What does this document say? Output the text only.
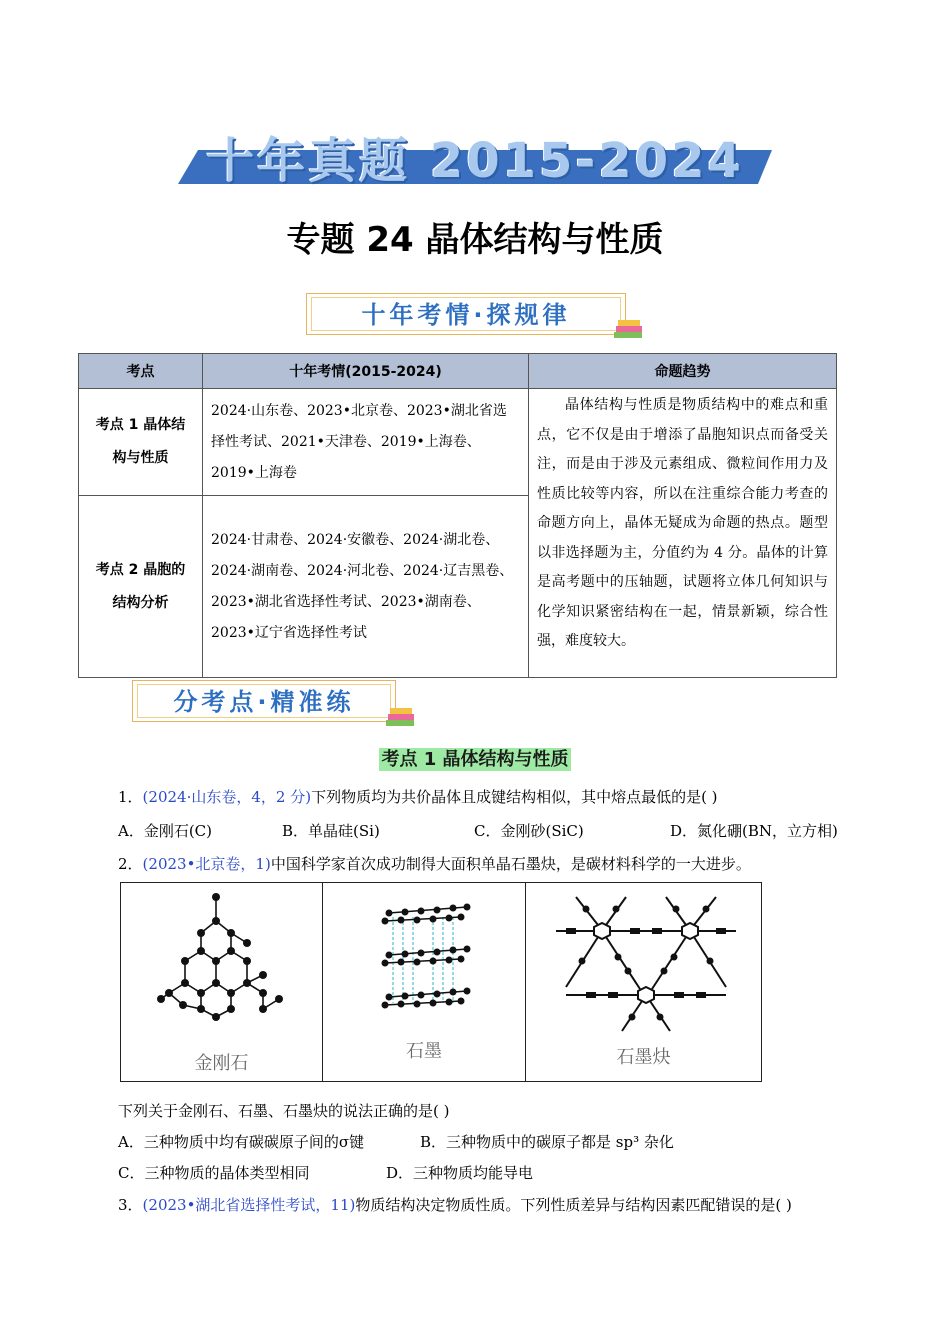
十年真题 2015-2024
专题 24 晶体结构与性质
十年考情·探规律
考点	十年考情(2015-2024)	命题趋势

考点 1 晶体结
构与性质	2024·山东卷、2023•北京卷、2023•湖北省选择性考试、2021•天津卷、2019•上海卷、2019•上海卷	晶体结构与性质是物质结构中的难点和重点，它不仅是由于增添了晶胞知识点而备受关注，而是由于涉及元素组成、微粒间作用力及性质比较等内容，所以在注重综合能力考查的命题方向上，晶体无疑成为命题的热点。题型以非选择题为主，分值约为 4 分。晶体的计算是高考题中的压轴题，试题将立体几何知识与化学知识紧密结构在一起，情景新颖，综合性强，难度较大。

考点 2 晶胞的
结构分析	2024·甘肃卷、2024·安徽卷、2024·湖北卷、2024·湖南卷、2024·河北卷、2024·辽吉黑卷、2023•湖北省选择性考试、2023•湖南卷、2023•辽宁省选择性考试	
分考点·精准练
考点 1 晶体结构与性质
1．(2024·山东卷，4，2 分)下列物质均为共价晶体且成键结构相似，其中熔点最低的是( )
A．金刚石(C)	B．单晶硅(Si)	C．金刚砂(SiC)	D．氮化硼(BN，立方相)
2．(2023•北京卷，1)中国科学家首次成功制得大面积单晶石墨炔，是碳材料科学的一大进步。
金刚石
石墨	石墨炔
下列关于金刚石、石墨、石墨炔的说法正确的是( )
A．三种物质中均有碳碳原子间的σ键	B．三种物质中的碳原子都是 sp³ 杂化
C．三种物质的晶体类型相同	D．三种物质均能导电
3．(2023•湖北省选择性考试，11)物质结构决定物质性质。下列性质差异与结构因素匹配错误的是( )
